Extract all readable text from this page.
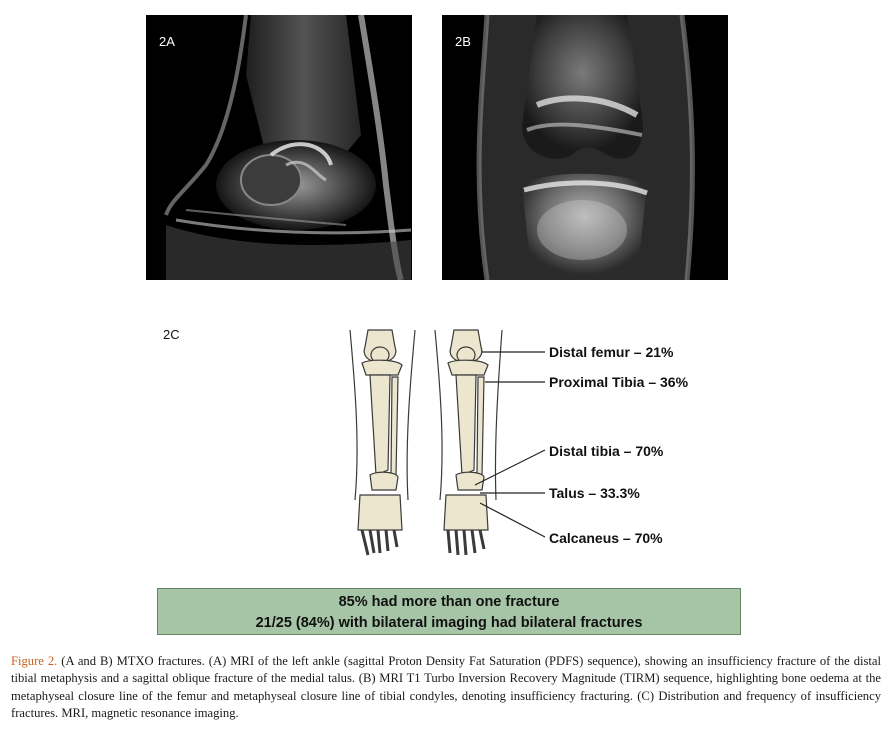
2A	2B
2C
Distal femur – 21%
Proximal Tibia – 36%
Distal tibia – 70%
Talus – 33.3%
Calcaneus – 70%
85% had more than one fracture
21/25 (84%) with bilateral imaging had bilateral fractures
Figure 2. (A and B) MTXO fractures. (A) MRI of the left ankle (sagittal Proton Density Fat Saturation (PDFS) sequence), showing an insufficiency fracture of the distal tibial metaphysis and a sagittal oblique fracture of the medial talus. (B) MRI T1 Turbo Inversion Recovery Magnitude (TIRM) sequence, highlighting bone oedema at the metaphyseal closure line of the femur and metaphyseal closure line of tibial condyles, denoting insufficiency fracturing. (C) Distribution and frequency of insufficiency fractures. MRI, magnetic resonance imaging.
